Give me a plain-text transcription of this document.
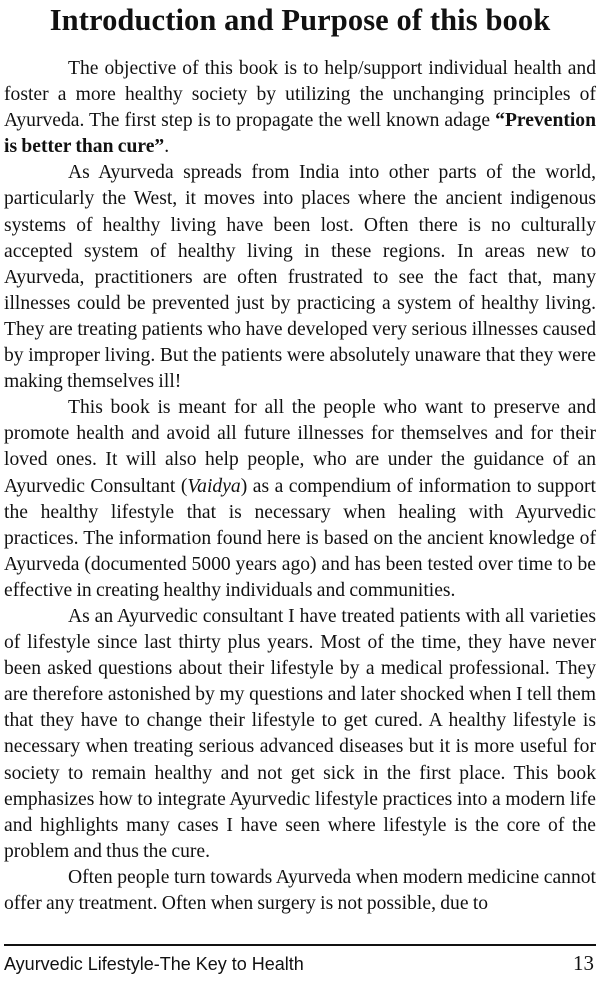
Introduction and Purpose of this book

The objective of this book is to help/support individual health and foster a more healthy society by utilizing the unchanging principles of Ayurveda. The first step is to propagate the well known adage “Prevention is better than cure”.

As Ayurveda spreads from India into other parts of the world, particularly the West, it moves into places where the ancient indigenous systems of healthy living have been lost. Often there is no culturally accepted system of healthy living in these regions. In areas new to Ayurveda, practitioners are often frustrated to see the fact that, many illnesses could be prevented just by practicing a system of healthy living. They are treating patients who have developed very serious illnesses caused by improper living. But the patients were absolutely unaware that they were making themselves ill!

This book is meant for all the people who want to preserve and promote health and avoid all future illnesses for themselves and for their loved ones. It will also help people, who are under the guidance of an Ayurvedic Consultant (Vaidya) as a compendium of information to support the healthy lifestyle that is necessary when healing with Ayurvedic practices. The information found here is based on the ancient knowledge of Ayurveda (documented 5000 years ago) and has been tested over time to be effective in creating healthy individuals and communities.

As an Ayurvedic consultant I have treated patients with all varieties of lifestyle since last thirty plus years. Most of the time, they have never been asked questions about their lifestyle by a medical professional. They are therefore astonished by my questions and later shocked when I tell them that they have to change their lifestyle to get cured. A healthy lifestyle is necessary when treating serious advanced diseases but it is more useful for society to remain healthy and not get sick in the first place. This book emphasizes how to integrate Ayurvedic lifestyle practices into a modern life and highlights many cases I have seen where lifestyle is the core of the problem and thus the cure.

Often people turn towards Ayurveda when modern medicine cannot offer any treatment. Often when surgery is not possible, due to

Ayurvedic Lifestyle-The Key to Health	13
